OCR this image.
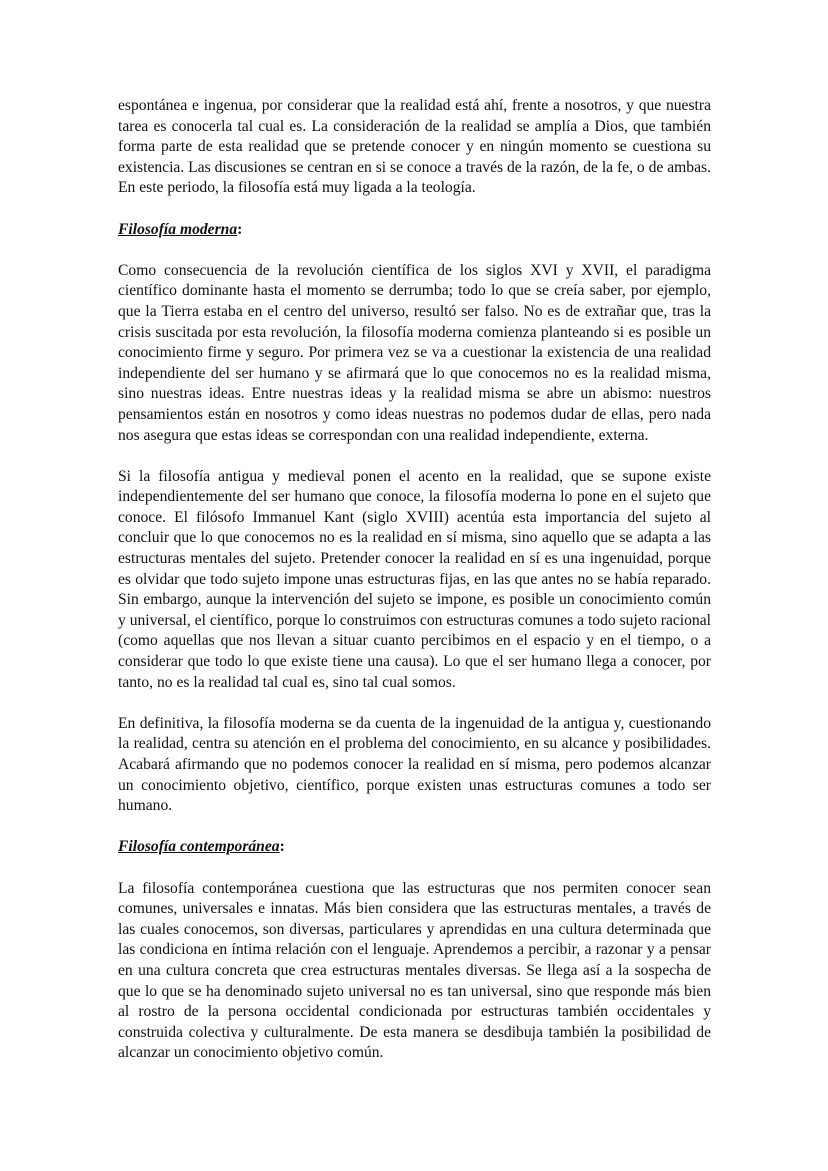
espontánea e ingenua, por considerar que la realidad está ahí, frente a nosotros, y que nuestra tarea es conocerla tal cual es. La consideración de la realidad se amplía a Dios, que también forma parte de esta realidad que se pretende conocer y en ningún momento se cuestiona su existencia. Las discusiones se centran en si se conoce a través de la razón, de la fe, o de ambas. En este periodo, la filosofía está muy ligada a la teología.

Filosofía moderna:

Como consecuencia de la revolución científica de los siglos XVI y XVII, el paradigma científico dominante hasta el momento se derrumba; todo lo que se creía saber, por ejemplo, que la Tierra estaba en el centro del universo, resultó ser falso. No es de extrañar que, tras la crisis suscitada por esta revolución, la filosofía moderna comienza planteando si es posible un conocimiento firme y seguro. Por primera vez se va a cuestionar la existencia de una realidad independiente del ser humano y se afirmará que lo que conocemos no es la realidad misma, sino nuestras ideas. Entre nuestras ideas y la realidad misma se abre un abismo: nuestros pensamientos están en nosotros y como ideas nuestras no podemos dudar de ellas, pero nada nos asegura que estas ideas se correspondan con una realidad independiente, externa.

Si la filosofía antigua y medieval ponen el acento en la realidad, que se supone existe independientemente del ser humano que conoce, la filosofía moderna lo pone en el sujeto que conoce. El filósofo Immanuel Kant (siglo XVIII) acentúa esta importancia del sujeto al concluir que lo que conocemos no es la realidad en sí misma, sino aquello que se adapta a las estructuras mentales del sujeto. Pretender conocer la realidad en sí es una ingenuidad, porque es olvidar que todo sujeto impone unas estructuras fijas, en las que antes no se había reparado. Sin embargo, aunque la intervención del sujeto se impone, es posible un conocimiento común y universal, el científico, porque lo construimos con estructuras comunes a todo sujeto racional (como aquellas que nos llevan a situar cuanto percibimos en el espacio y en el tiempo, o a considerar que todo lo que existe tiene una causa). Lo que el ser humano llega a conocer, por tanto, no es la realidad tal cual es, sino tal cual somos.

En definitiva, la filosofía moderna se da cuenta de la ingenuidad de la antigua y, cuestionando la realidad, centra su atención en el problema del conocimiento, en su alcance y posibilidades. Acabará afirmando que no podemos conocer la realidad en sí misma, pero podemos alcanzar un conocimiento objetivo, científico, porque existen unas estructuras comunes a todo ser humano.

Filosofía contemporánea:

La filosofía contemporánea cuestiona que las estructuras que nos permiten conocer sean comunes, universales e innatas. Más bien considera que las estructuras mentales, a través de las cuales conocemos, son diversas, particulares y aprendidas en una cultura determinada que las condiciona en íntima relación con el lenguaje. Aprendemos a percibir, a razonar y a pensar en una cultura concreta que crea estructuras mentales diversas. Se llega así a la sospecha de que lo que se ha denominado sujeto universal no es tan universal, sino que responde más bien al rostro de la persona occidental condicionada por estructuras también occidentales y construida colectiva y culturalmente. De esta manera se desdibuja también la posibilidad de alcanzar un conocimiento objetivo común.
